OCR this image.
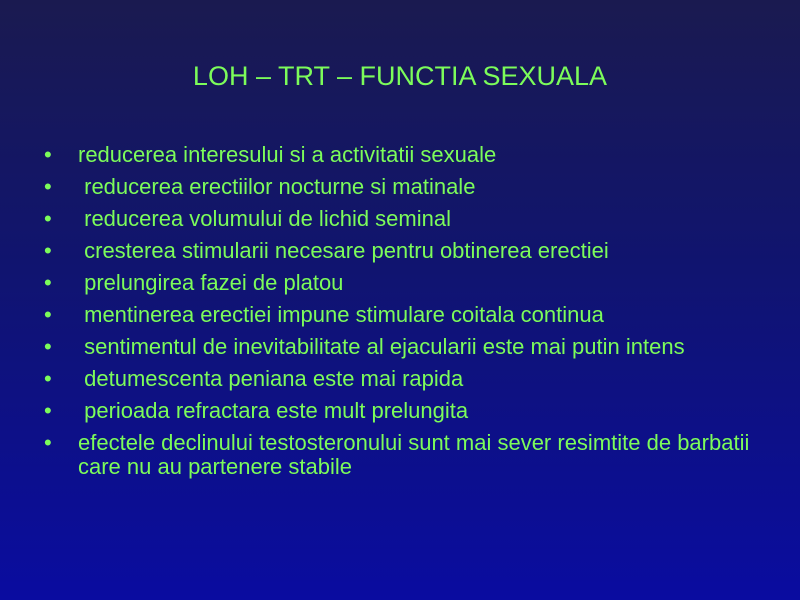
LOH – TRT – FUNCTIA SEXUALA
• reducerea interesului si a activitatii sexuale
• reducerea erectiilor nocturne si matinale
• reducerea volumului de lichid seminal
• cresterea stimularii necesare pentru obtinerea erectiei
• prelungirea fazei de platou
• mentinerea erectiei impune stimulare coitala continua
• sentimentul de inevitabilitate al ejacularii este mai putin intens
• detumescenta peniana este mai rapida
• perioada refractara este mult prelungita
• efectele declinului testosteronului sunt mai sever resimtite de barbatii care nu au partenere stabile
